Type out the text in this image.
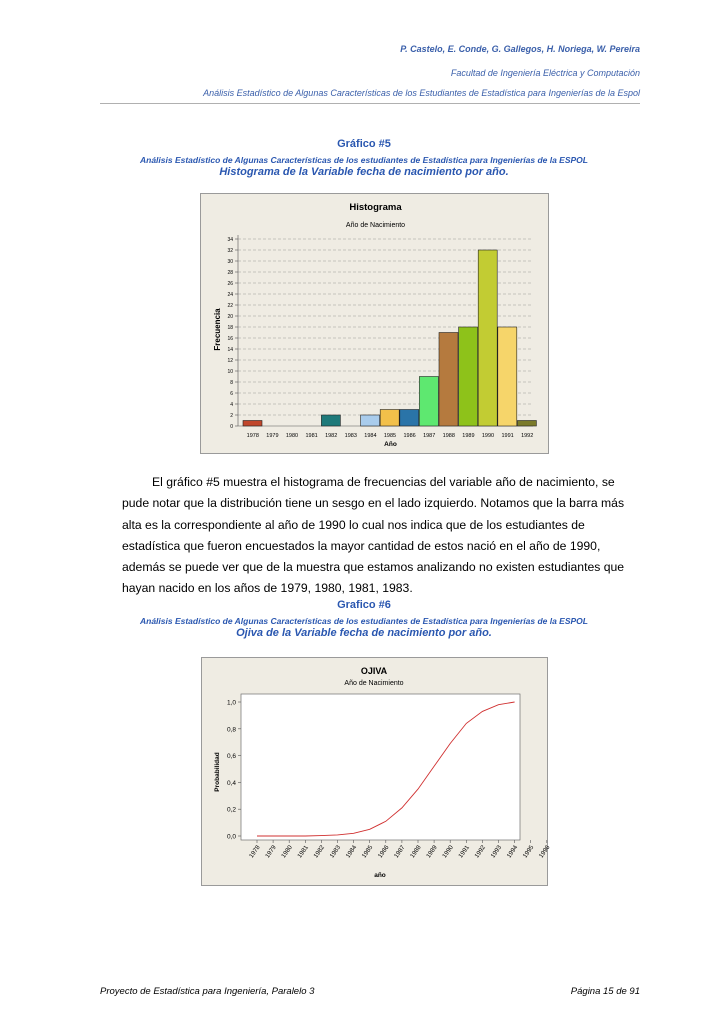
P. Castelo, E. Conde, G. Gallegos, H. Noriega, W. Pereira
Facultad de Ingeniería Eléctrica y Computación
Análisis Estadístico de Algunas Características de los Estudiantes de Estadística para Ingenierías de la Espol
Gráfico #5
Análisis Estadístico de Algunas Características de los estudiantes de Estadística para Ingenierías de la ESPOL
Histograma de la Variable fecha de nacimiento por año.
Histograma
Año de Nacimiento
0
2
4
6
8
10
12
14
16
18
20
22
24
26
28
30
32
34
1978 1979 1980 1981 1982 1983 1984 1985 1986 1987 1988 1989 1990 1991 1992
Año
Frecuencia
El gráfico #5 muestra el histograma de frecuencias del variable año de nacimiento, se
pude notar que la distribución tiene un sesgo en el lado izquierdo. Notamos que la barra más
alta es la correspondiente al año de 1990 lo cual nos indica que de los estudiantes de
estadística que fueron encuestados la mayor cantidad de estos nació en el año de 1990,
además se puede ver que de la muestra que estamos analizando no existen estudiantes que
hayan nacido en los años de 1979, 1980, 1981, 1983.
Grafico #6
Análisis Estadístico de Algunas Características de los estudiantes de Estadística para Ingenierías de la ESPOL
Ojiva de la Variable fecha de nacimiento por año.
OJIVA
Año de Nacimiento
0,0
0,2
0,4
0,6
0,8
1,0
1978 1979 1980 1981 1982 1983 1984 1985 1986 1987 1988 1989 1990 1991 1992 1993 1994 1995 1996
año
Probabilidad
Proyecto de Estadística para Ingeniería, Paralelo 3	Página 15 de 91
